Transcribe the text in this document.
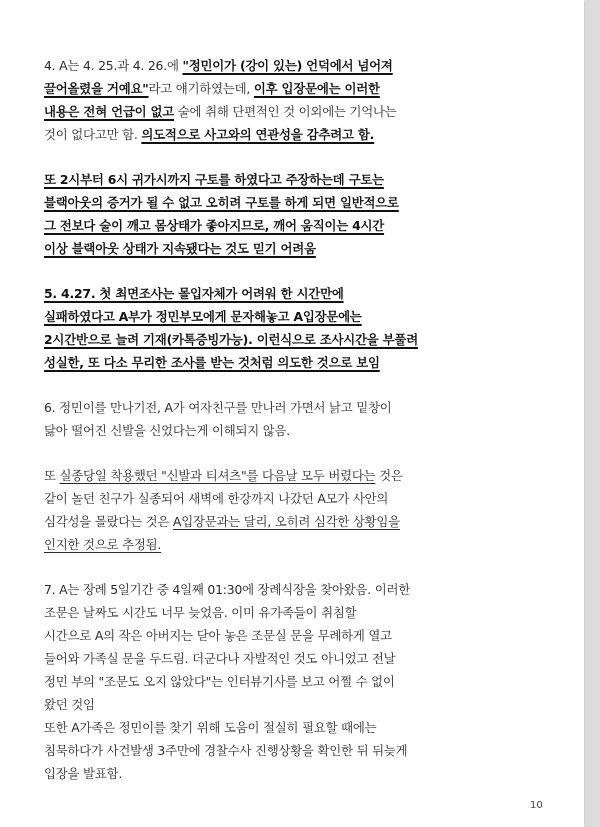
4. A는 4. 25.과 4. 26.에 "정민이가 (강이 있는) 언덕에서 넘어져
끌어올렸을 거예요"라고 얘기하였는데, 이후 입장문에는 이러한
내용은 전혀 언급이 없고 술에 취해 단편적인 것 이외에는 기억나는
것이 없다고만 함. 의도적으로 사고와의 연관성을 감추려고 함.
또 2시부터 6시 귀가시까지 구토를 하였다고 주장하는데 구토는
블랙아웃의 증거가 될 수 없고 오히려 구토를 하게 되면 일반적으로
그 전보다 술이 깨고 몸상태가 좋아지므로, 깨어 움직이는 4시간
이상 블랙아웃 상태가 지속됐다는 것도 믿기 어려움
5. 4.27. 첫 최면조사는 몰입자체가 어려워 한 시간만에
실패하였다고 A부가 정민부모에게 문자해놓고 A입장문에는
2시간반으로 늘려 기재(카톡증빙가능). 이런식으로 조사시간을 부풀려
성실한, 또 다소 무리한 조사를 받는 것처럼 의도한 것으로 보임
6. 정민이를 만나기전, A가 여자친구를 만나러 가면서 낡고 밑창이
닳아 떨어진 신발을 신었다는게 이해되지 않음.
또 실종당일 착용했던 "신발과 티셔츠"를 다음날 모두 버렸다는 것은
같이 놀던 친구가 실종되어 새벽에 한강까지 나갔던 A모가 사안의
심각성을 몰랐다는 것은 A입장문과는 달리, 오히려 심각한 상황임을
인지한 것으로 추정됨.
7. A는 장례 5일기간 중 4일째 01:30에 장례식장을 찾아왔음. 이러한
조문은 날짜도 시간도 너무 늦었음. 이미 유가족들이 취침할
시간으로 A의 작은 아버지는 닫아 놓은 조문실 문을 무례하게 열고
들어와 가족실 문을 두드림. 더군다나 자발적인 것도 아니었고 전날
정민 부의 "조문도 오지 않았다"는 인터뷰기사를 보고 어쩔 수 없이
왔던 것임
또한 A가족은 정민이를 찾기 위해 도움이 절실히 필요할 때에는
침묵하다가 사건발생 3주만에 경찰수사 진행상황을 확인한 뒤 뒤늦게
입장을 발표함.
10
